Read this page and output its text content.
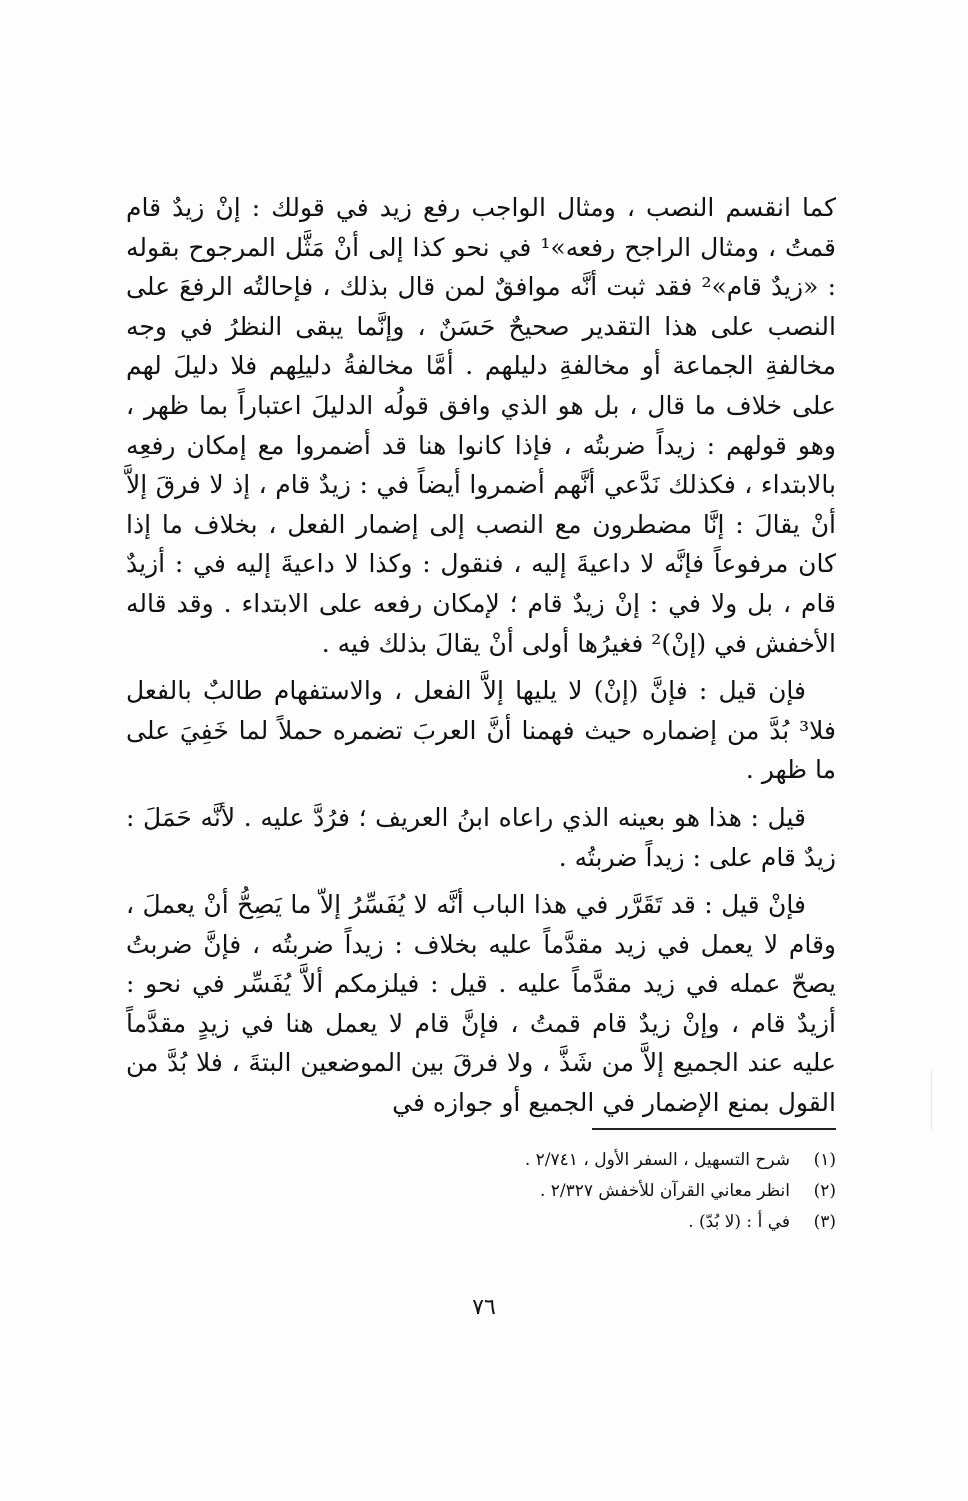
كما انقسم النصب ، ومثال الواجب رفع زيد في قولك : إنْ زيدٌ قام قمتُ ، ومثال الراجح رفعه»¹ في نحو كذا إلى أنْ مَثَّل المرجوح بقوله : «زيدٌ قام»² فقد ثبت أنَّه موافقٌ لمن قال بذلك ، فإحالتُه الرفعَ على النصب على هذا التقدير صحيحٌ حَسَنٌ ، وإنَّما يبقى النظرُ في وجه مخالفةِ الجماعة أو مخالفةِ دليلهم . أمَّا مخالفةُ دليلِهم فلا دليلَ لهم على خلاف ما قال ، بل هو الذي وافق قولُه الدليلَ اعتباراً بما ظهر ، وهو قولهم : زيداً ضربتُه ، فإذا كانوا هنا قد أضمروا مع إمكان رفعِه بالابتداء ، فكذلك نَدَّعي أنَّهم أضمروا أيضاً في : زيدٌ قام ، إذ لا فرقَ إلاَّ أنْ يقالَ : إنَّا مضطرون مع النصب إلى إضمار الفعل ، بخلاف ما إذا كان مرفوعاً فإنَّه لا داعيةَ إليه ، فنقول : وكذا لا داعيةَ إليه في : أزيدٌ قام ، بل ولا في : إنْ زيدٌ قام ؛ لإمكان رفعه على الابتداء . وقد قاله الأخفش في (إنْ)² فغيرُها أولى أنْ يقالَ بذلك فيه .

فإن قيل : فإنَّ (إنْ) لا يليها إلاَّ الفعل ، والاستفهام طالبٌ بالفعل فلا³ بُدَّ من إضماره حيث فهمنا أنَّ العربَ تضمره حملاً لما خَفِيَ على ما ظهر .

قيل : هذا هو بعينه الذي راعاه ابنُ العريف ؛ فرُدَّ عليه . لأنَّه حَمَلَ : زيدٌ قام على : زيداً ضربتُه .

فإنْ قيل : قد تَقَرَّر في هذا الباب أنَّه لا يُفَسِّرُ إلاّ ما يَصِحُّ أنْ يعملَ ، وقام لا يعمل في زيد مقدَّماً عليه بخلاف : زيداً ضربتُه ، فإنَّ ضربتُ يصحّ عمله في زيد مقدَّماً عليه . قيل : فيلزمكم ألاَّ يُفَسِّر في نحو : أزيدٌ قام ، وإنْ زيدٌ قام قمتُ ، فإنَّ قام لا يعمل هنا في زيدٍ مقدَّماً عليه عند الجميع إلاَّ من شَذَّ ، ولا فرقَ بين الموضعين البتةَ ، فلا بُدَّ من القول بمنع الإضمار في الجميع أو جوازه في

(١)
شرح التسهيل ، السفر الأول ، ٢/٧٤١ .
(٢)
انظر معاني القرآن للأخفش ٢/٣٢٧ .
(٣)
في أ : (لا بُدّ) .
٧٦
